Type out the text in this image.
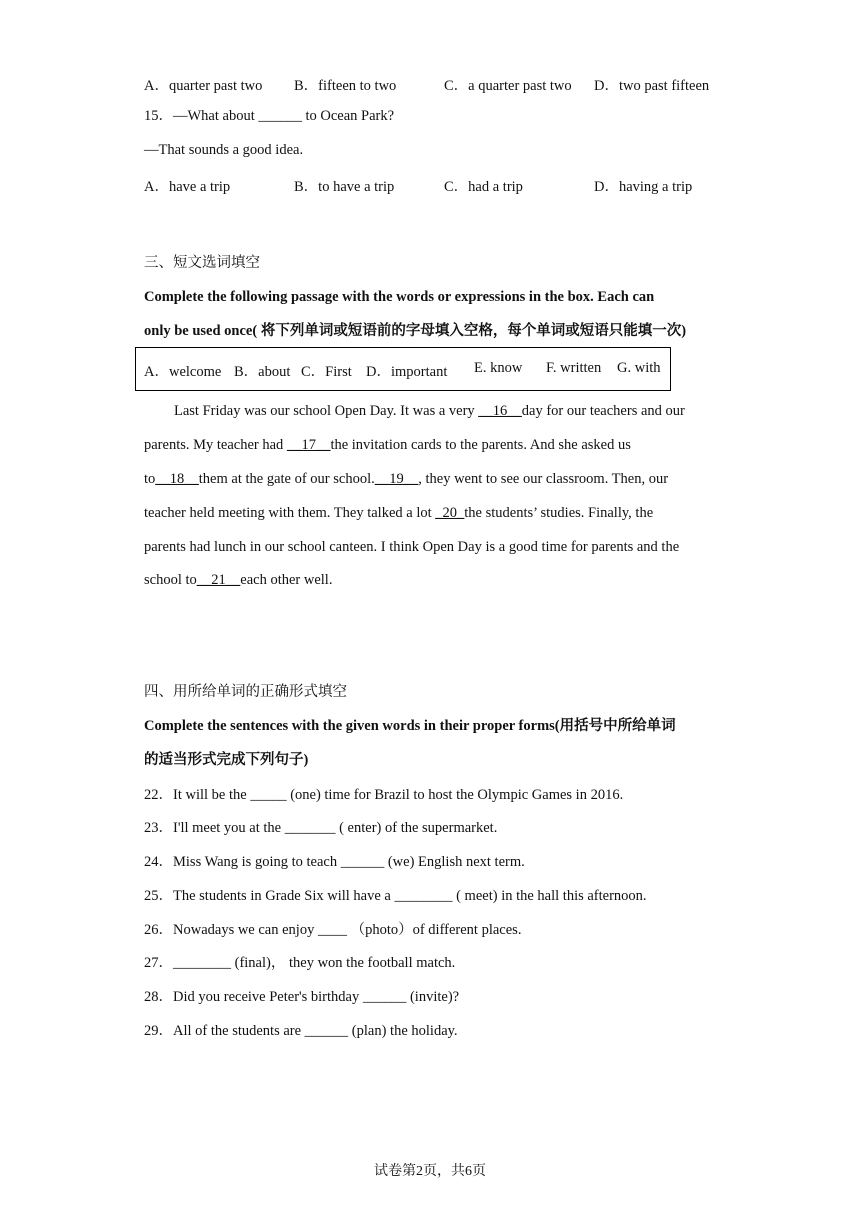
A．quarter past two B．fifteen to two	C．a quarter past two D．two past fifteen
15．—What about ______ to Ocean Park?
—That sounds a good idea.
A．have a trip	B．to have a trip	C．had a trip	D．having a trip
三、短文选词填空
Complete the following passage with the words or expressions in the box. Each can
only be used once( 将下列单词或短语前的字母填入空格，每个单词或短语只能填一次)
A．welcome B．about C．First D．important E. know F. written G. with
Last Friday was our school Open Day. It was a very __16__day for our teachers and our
parents. My teacher had __17__the invitation cards to the parents. And she asked us
to__18__them at the gate of our school.__19__, they went to see our classroom. Then, our
teacher held meeting with them. They talked a lot _20_the students’ studies. Finally, the
parents had lunch in our school canteen. I think Open Day is a good time for parents and the
school to__21__each other well.
四、用所给单词的正确形式填空
Complete the sentences with the given words in their proper forms(用括号中所给单词
的适当形式完成下列句子)
22．It will be the _____ (one) time for Brazil to host the Olympic Games in 2016.
23．I'll meet you at the _______ ( enter) of the supermarket.
24．Miss Wang is going to teach ______ (we) English next term.
25．The students in Grade Six will have a ________ ( meet) in the hall this afternoon.
26．Nowadays we can enjoy ____ （photo）of different places.
27．________ (final)， they won the football match.
28．Did you receive Peter's birthday ______ (invite)?
29．All of the students are ______ (plan) the holiday.
试卷第2页，共6页
